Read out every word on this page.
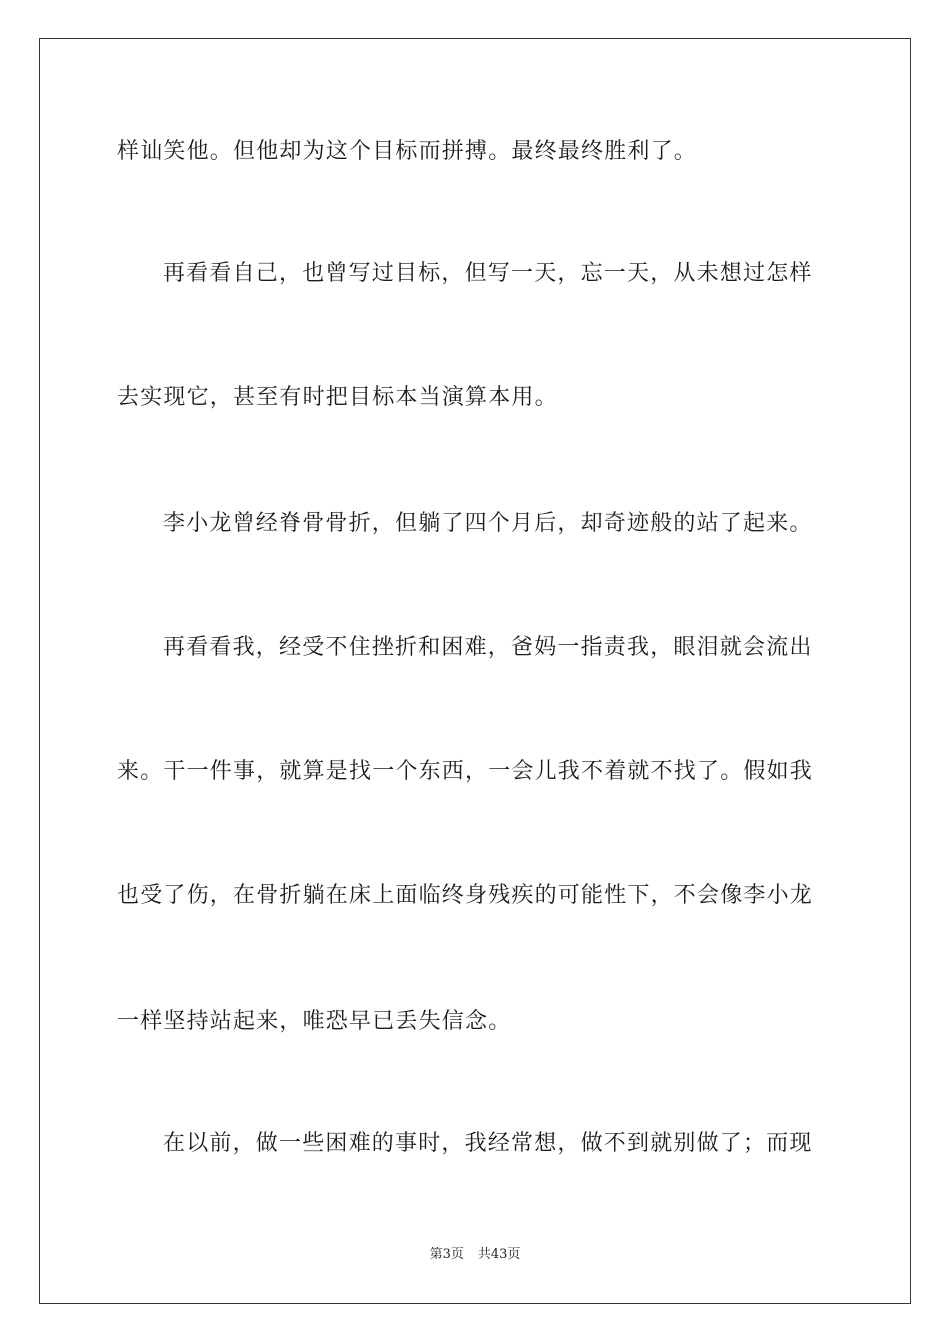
样讪笑他。但他却为这个目标而拼搏。最终最终胜利了。
再看看自己，也曾写过目标，但写一天，忘一天，从未想过怎样
去实现它，甚至有时把目标本当演算本用。
李小龙曾经脊骨骨折，但躺了四个月后，却奇迹般的站了起来。
再看看我，经受不住挫折和困难，爸妈一指责我，眼泪就会流出
来。干一件事，就算是找一个东西，一会儿我不着就不找了。假如我
也受了伤，在骨折躺在床上面临终身残疾的可能性下，不会像李小龙
一样坚持站起来，唯恐早已丢失信念。
在以前，做一些困难的事时，我经常想，做不到就别做了；而现
第3页 共43页
